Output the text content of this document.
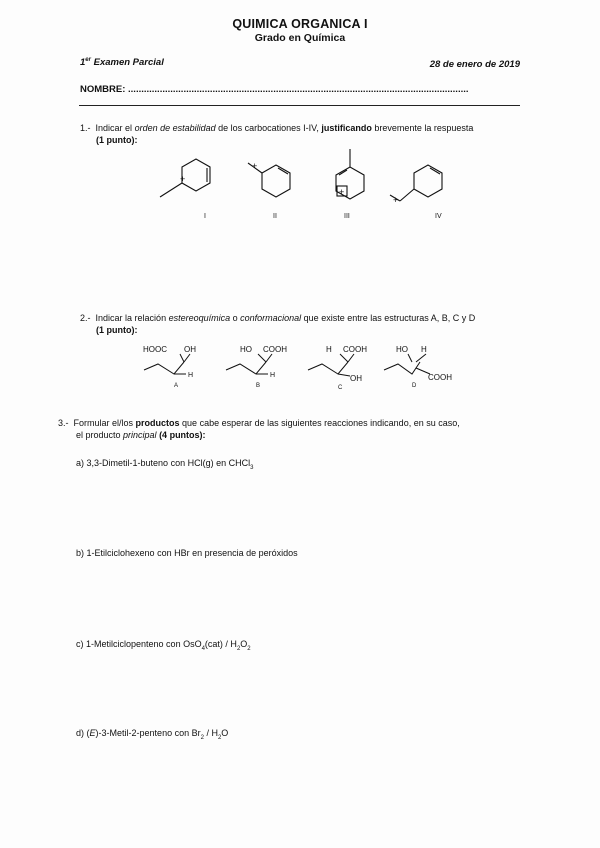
QUIMICA ORGANICA I
Grado en Química
1er Examen Parcial	28 de enero de 2019
NOMBRE: .................................................................................................................................
1.- Indicar el orden de estabilidad de los carbocationes I-IV, justificando brevemente la respuesta
(1 punto):
+
+
+
+
I	II	III	IV
2.- Indicar la relación estereoquímica o conformacional que existe entre las estructuras A, B, C y D
(1 punto):
HOOC OH
H
HO COOH
H
H COOH
OH
HO H
COOH
A	B	C	D
3.- Formular el/los productos que cabe esperar de las siguientes reacciones indicando, en su caso,
el producto principal (4 puntos):
a) 3,3-Dimetil-1-buteno con HCl(g) en CHCl$_3$
b) 1-Etilciclohexeno con HBr en presencia de peróxidos
c) 1-Metilciclopenteno con $OsO_4(cat) / H_2O_2$
d) (E)-3-Metil-2-penteno con $Br_2 / H_2O$
